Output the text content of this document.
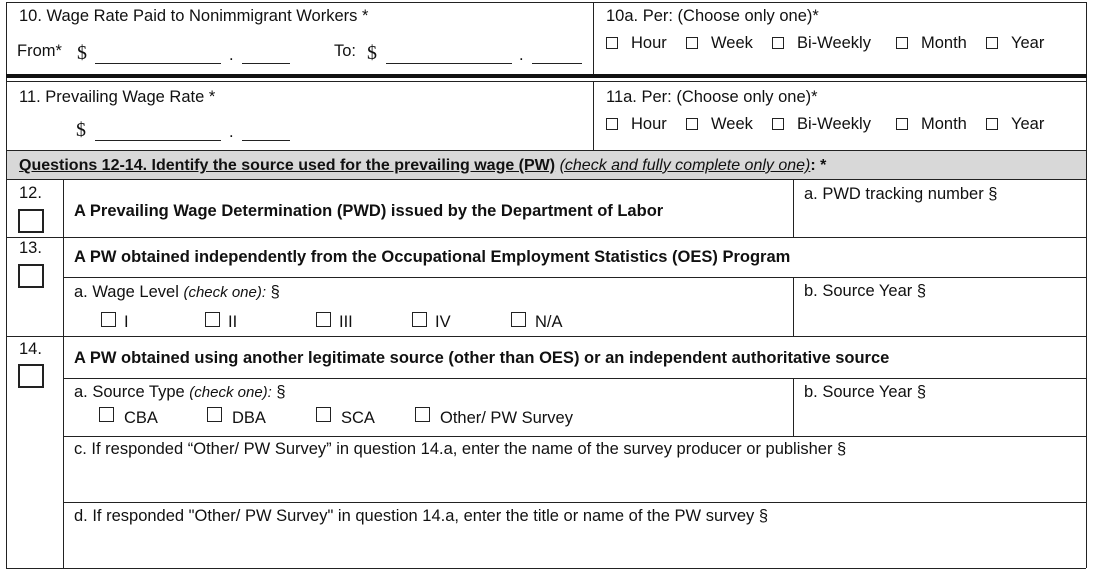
10. Wage Rate Paid to Nonimmigrant Workers *
From* $	.	To: $	.
10a. Per: (Choose only one)*
Hour	Week	Bi-Weekly	Month	Year
11. Prevailing Wage Rate *
$	.
11a. Per: (Choose only one)*
Hour	Week	Bi-Weekly	Month	Year
Questions 12-14. Identify the source used for the prevailing wage (PW) (check and fully complete only one): *
12.
A Prevailing Wage Determination (PWD) issued by the Department of Labor
a. PWD tracking number §
13. A PW obtained independently from the Occupational Employment Statistics (OES) Program
a. Wage Level (check one): §
I	II	III	IV	N/A
b. Source Year §
14. A PW obtained using another legitimate source (other than OES) or an independent authoritative source
a. Source Type (check one): §
CBA	DBA	SCA	Other/ PW Survey
b. Source Year §
c. If responded “Other/ PW Survey” in question 14.a, enter the name of the survey producer or publisher §
d. If responded "Other/ PW Survey" in question 14.a, enter the title or name of the PW survey §
